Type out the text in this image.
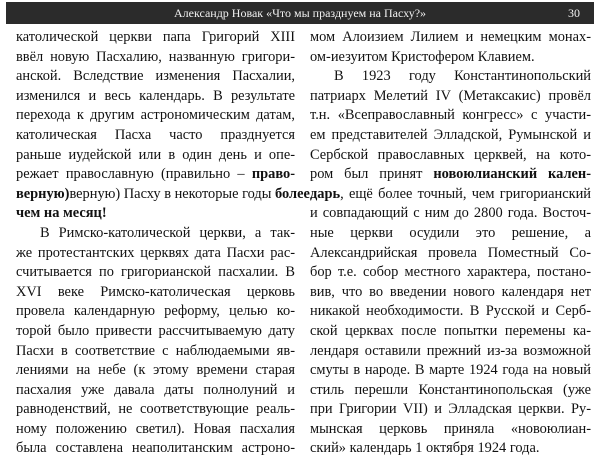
Александр Новак «Что мы празднуем на Пасху?»	30
католической церкви папа Григорий XIII
ввёл новую Пасхалию, названную григори-
анской. Вследствие изменения Пасхалии,
изменился и весь календарь. В результате
перехода к другим астрономическим датам,
католическая Пасха часто празднуется
раньше иудейской или в один день и опе-
режает православную (правильно – право-
верную)верную) Пасху в некоторые годы более
чем на месяц!
В Римско-католической церкви, а так-
же протестантских церквях дата Пасхи рас-
считывается по григорианской пасхалии. В
XVI веке Римско-католическая церковь
провела календарную реформу, целью ко-
торой было привести рассчитываемую дату
Пасхи в соответствие с наблюдаемыми яв-
лениями на небе (к этому времени старая
пасхалия уже давала даты полнолуний и
равноденствий, не соответствующие реаль-
ному положению светил). Новая пасхалия
была составлена неаполитанским астроно-
мом Алоизием Лилием и немецким монах-
ом-иезуитом Кристофером Клавием.
В 1923 году Константинопольский
патриарх Мелетий IV (Метаксакис) провёл
т.н. «Всеправославный конгресс» с участи-
ем представителей Элладской, Румынской и
Сербской православных церквей, на кото-
ром был принят новоюлианский кален-
дарь, ещё более точный, чем григорианский
и совпадающий с ним до 2800 года. Восточ-
ные церкви осудили это решение, а
Александрийская провела Поместный Со-
бор т.е. собор местного характера, постано-
вив, что во введении нового календаря нет
никакой необходимости. В Русской и Серб-
ской церквах после попытки перемены ка-
лендаря оставили прежний из-за возможной
смуты в народе. В марте 1924 года на новый
стиль перешли Константинопольская (уже
при Григории VII) и Элладская церкви. Ру-
мынская церковь приняла «новоюлиан-
ский» календарь 1 октября 1924 года.
